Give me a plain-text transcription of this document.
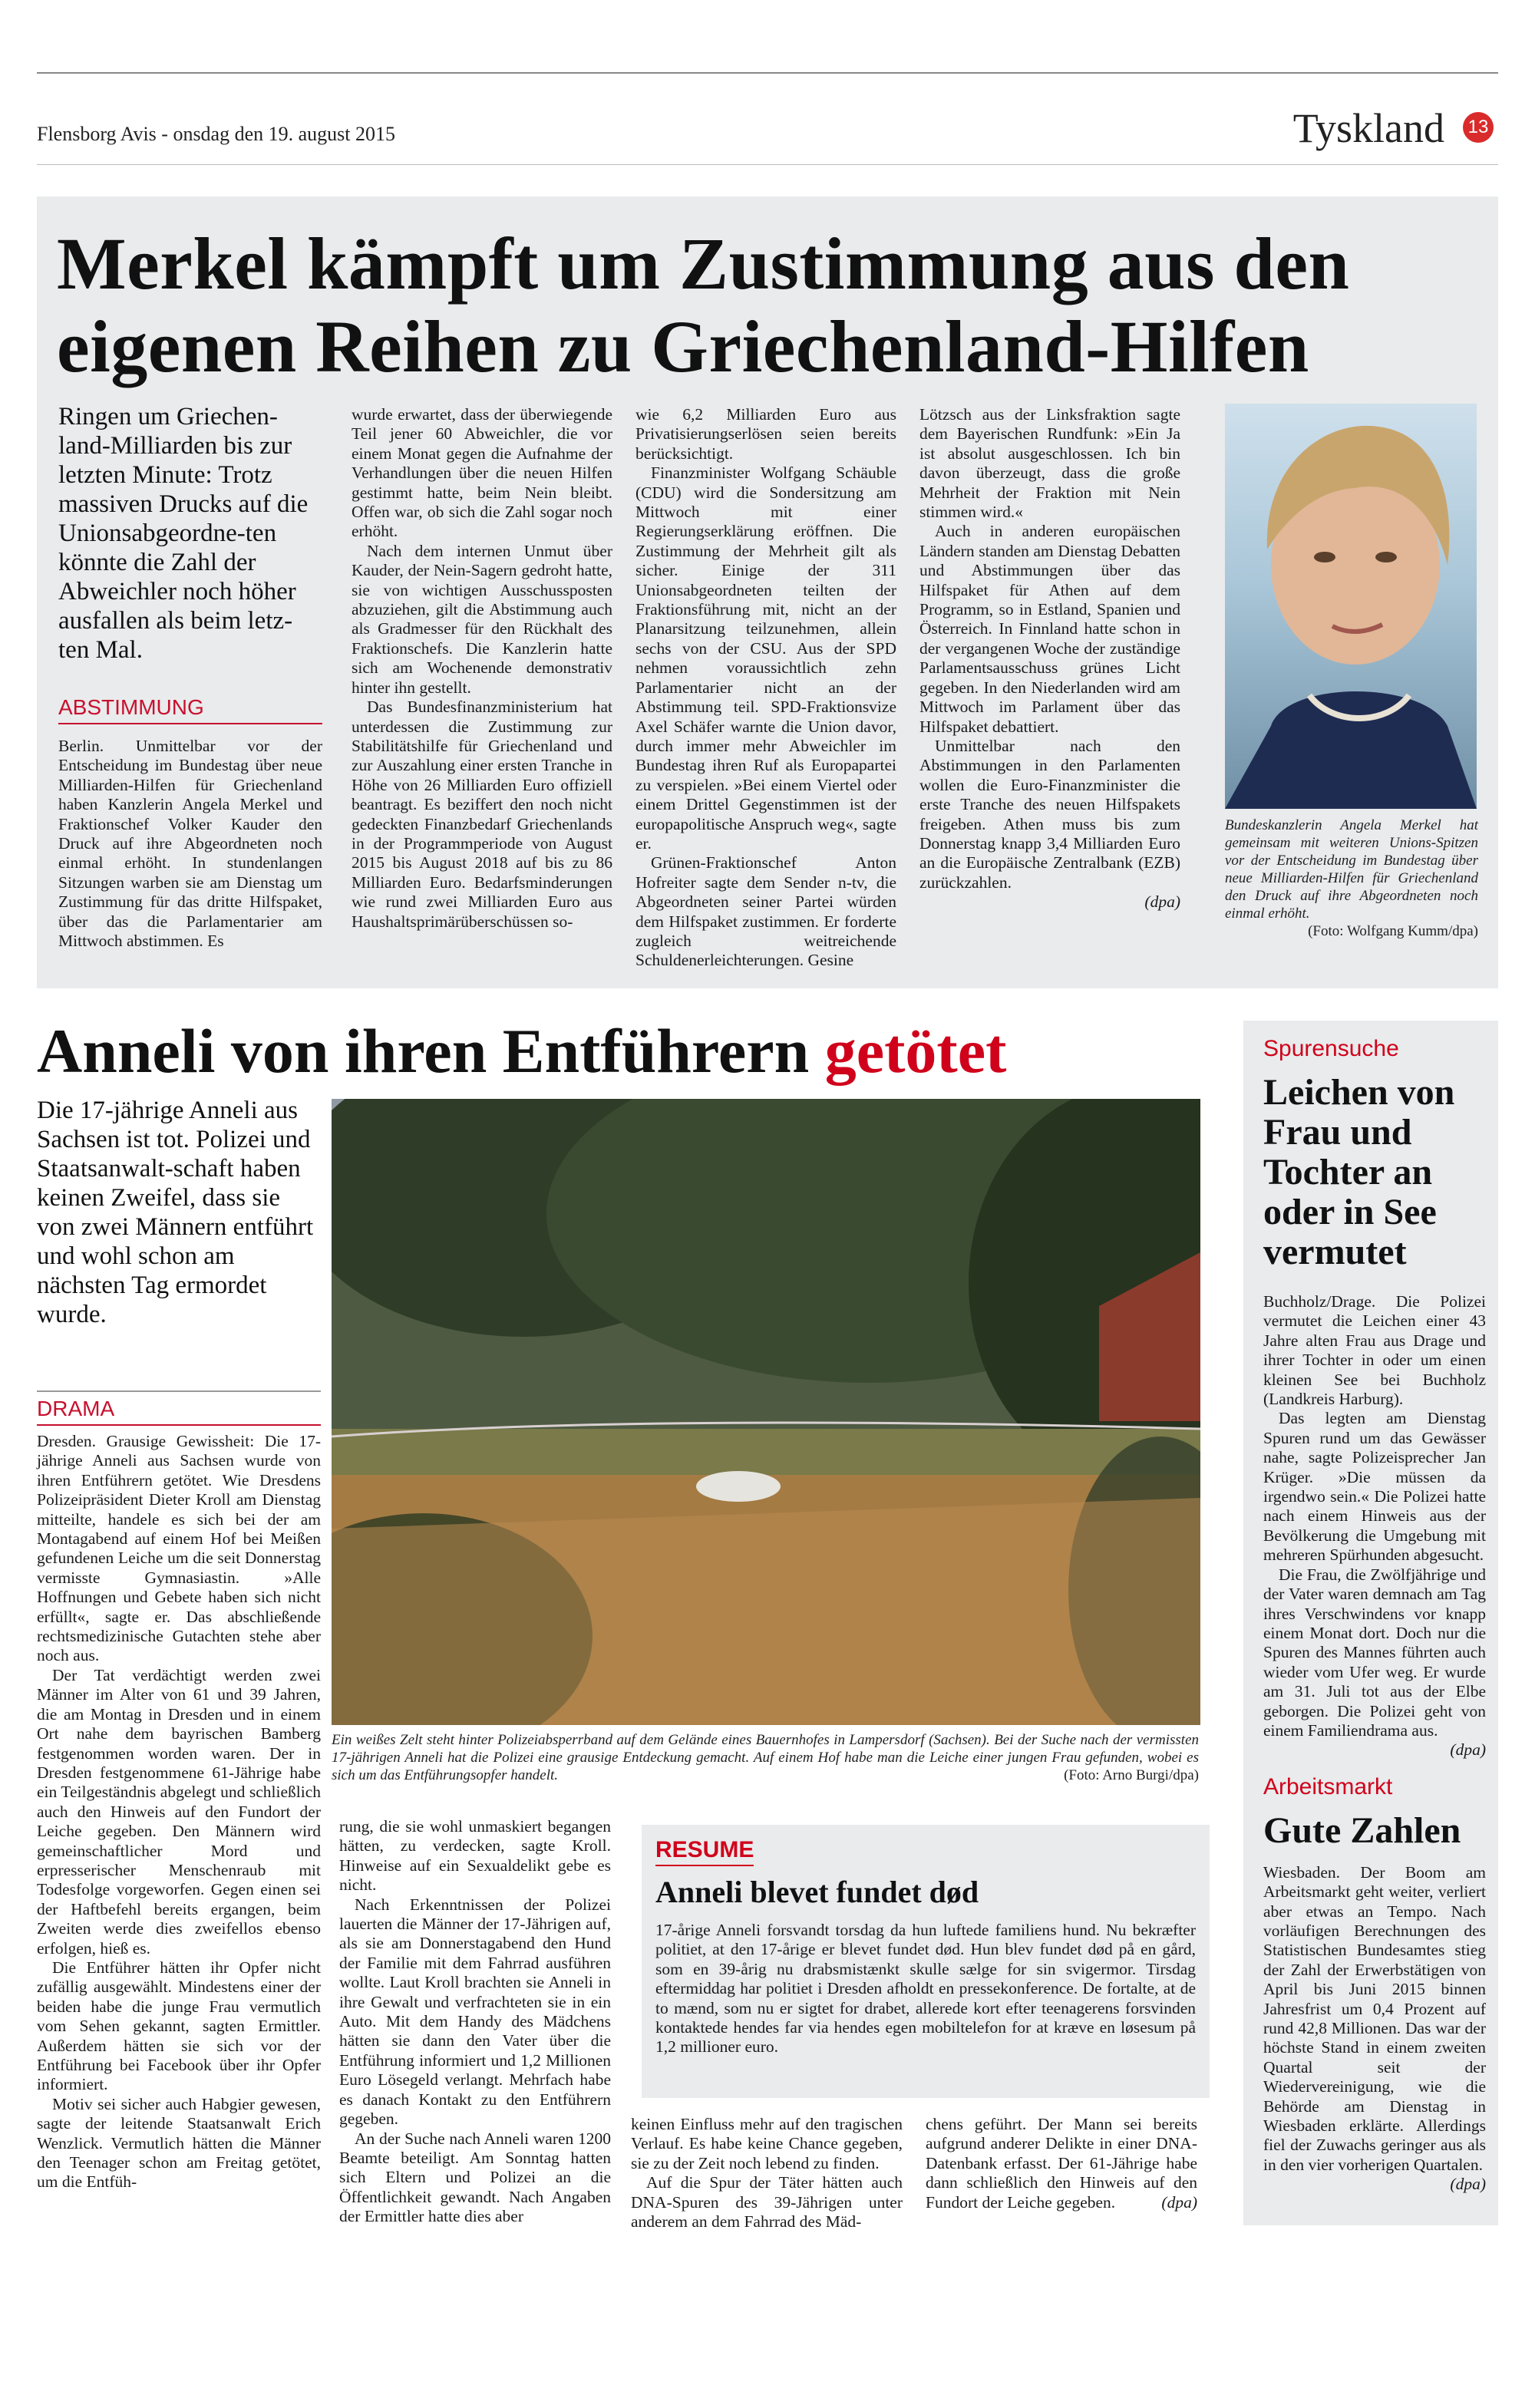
Flensborg Avis - onsdag den 19. august 2015	Tyskland 13
Merkel kämpft um Zustimmung aus den
eigenen Reihen zu Griechenland-Hilfen
Ringen um Griechen-land-Milliarden bis zur letzten Minute: Trotz massiven Drucks auf die Unionsabgeordne-ten könnte die Zahl der Abweichler noch höher ausfallen als beim letz-ten Mal.
ABSTIMMUNG

Berlin. Unmittelbar vor der Entscheidung im Bundestag über neue Milliarden-Hilfen für Griechenland haben Kanzlerin Angela Merkel und Fraktionschef Volker Kauder den Druck auf ihre Abgeordneten noch einmal erhöht. In stundenlangen Sitzungen warben sie am Dienstag um Zustimmung für das dritte Hilfspaket, über das die Parlamentarier am Mittwoch abstimmen. Es

wurde erwartet, dass der überwiegende Teil jener 60 Abweichler, die vor einem Monat gegen die Aufnahme der Verhandlungen über die neuen Hilfen gestimmt hatte, beim Nein bleibt. Offen war, ob sich die Zahl sogar noch erhöht.

Nach dem internen Unmut über Kauder, der Nein-Sagern gedroht hatte, sie von wichtigen Ausschussposten abzuziehen, gilt die Abstimmung auch als Gradmesser für den Rückhalt des Fraktionschefs. Die Kanzlerin hatte sich am Wochenende demonstrativ hinter ihn gestellt.

Das Bundesfinanzministerium hat unterdessen die Zustimmung zur Stabilitätshilfe für Griechenland und zur Auszahlung einer ersten Tranche in Höhe von 26 Milliarden Euro offiziell beantragt. Es beziffert den noch nicht gedeckten Finanzbedarf Griechenlands in der Programmperiode von August 2015 bis August 2018 auf bis zu 86 Milliarden Euro. Bedarfsminderungen wie rund zwei Milliarden Euro aus Haushaltsprimärüberschüssen so-

wie 6,2 Milliarden Euro aus Privatisierungserlösen seien bereits berücksichtigt.

Finanzminister Wolfgang Schäuble (CDU) wird die Sondersitzung am Mittwoch mit einer Regierungserklärung eröffnen. Die Zustimmung der Mehrheit gilt als sicher. Einige der 311 Unionsabgeordneten teilten der Fraktionsführung mit, nicht an der Planarsitzung teilzunehmen, allein sechs von der CSU. Aus der SPD nehmen voraussichtlich zehn Parlamentarier nicht an der Abstimmung teil. SPD-Fraktionsvize Axel Schäfer warnte die Union davor, durch immer mehr Abweichler im Bundestag ihren Ruf als Europapartei zu verspielen. »Bei einem Viertel oder einem Drittel Gegenstimmen ist der europapolitische Anspruch weg«, sagte er.

Grünen-Fraktionschef Anton Hofreiter sagte dem Sender n-tv, die Abgeordneten seiner Partei würden dem Hilfspaket zustimmen. Er forderte zugleich weitreichende Schuldenerleichterungen. Gesine

Lötzsch aus der Linksfraktion sagte dem Bayerischen Rundfunk: »Ein Ja ist absolut ausgeschlossen. Ich bin davon überzeugt, dass die große Mehrheit der Fraktion mit Nein stimmen wird.«

Auch in anderen europäischen Ländern standen am Dienstag Debatten und Abstimmungen über das Hilfspaket für Athen auf dem Programm, so in Estland, Spanien und Österreich. In Finnland hatte schon in der vergangenen Woche der zuständige Parlamentsausschuss grünes Licht gegeben. In den Niederlanden wird am Mittwoch im Parlament über das Hilfspaket debattiert.

Unmittelbar nach den Abstimmungen in den Parlamenten wollen die Euro-Finanzminister die erste Tranche des neuen Hilfspakets freigeben. Athen muss bis zum Donnerstag knapp 3,4 Milliarden Euro an die Europäische Zentralbank (EZB) zurückzahlen.

(dpa)
Bundeskanzlerin Angela Merkel hat gemeinsam mit weiteren Unions-Spitzen vor der Entscheidung im Bundestag über neue Milliarden-Hilfen für Griechenland den Druck auf ihre Abgeordneten noch einmal erhöht.
(Foto: Wolfgang Kumm/dpa)
Anneli von ihren Entführern getötet
Die 17-jährige Anneli aus Sachsen ist tot. Polizei und Staatsanwalt-schaft haben keinen Zweifel, dass sie von zwei Männern entführt und wohl schon am nächsten Tag ermordet wurde.
DRAMA

Dresden. Grausige Gewissheit: Die 17-jährige Anneli aus Sachsen wurde von ihren Entführern getötet. Wie Dresdens Polizeipräsident Dieter Kroll am Dienstag mitteilte, handele es sich bei der am Montagabend auf einem Hof bei Meißen gefundenen Leiche um die seit Donnerstag vermisste Gymnasiastin. »Alle Hoffnungen und Gebete haben sich nicht erfüllt«, sagte er. Das abschließende rechtsmedizinische Gutachten stehe aber noch aus.

Der Tat verdächtigt werden zwei Männer im Alter von 61 und 39 Jahren, die am Montag in Dresden und in einem Ort nahe dem bayrischen Bamberg festgenommen worden waren. Der in Dresden festgenommene 61-Jährige habe ein Teilgeständnis abgelegt und schließlich auch den Hinweis auf den Fundort der Leiche gegeben. Den Männern wird gemeinschaftlicher Mord und erpresserischer Menschenraub mit Todesfolge vorgeworfen. Gegen einen sei der Haftbefehl bereits ergangen, beim Zweiten werde dies zweifellos ebenso erfolgen, hieß es.

Die Entführer hätten ihr Opfer nicht zufällig ausgewählt. Mindestens einer der beiden habe die junge Frau vermutlich vom Sehen gekannt, sagten Ermittler. Außerdem hätten sie sich vor der Entführung bei Facebook über ihr Opfer informiert.

Motiv sei sicher auch Habgier gewesen, sagte der leitende Staatsanwalt Erich Wenzlick. Vermutlich hätten die Männer den Teenager schon am Freitag getötet, um die Entfüh-

Ein weißes Zelt steht hinter Polizeiabsperrband auf dem Gelände eines Bauernhofes in Lampersdorf (Sachsen). Bei der Suche nach der vermissten 17-jährigen Anneli hat die Polizei eine grausige Entdeckung gemacht. Auf einem Hof habe man die Leiche einer jungen Frau gefunden, wobei es sich um das Entführungsopfer handelt.	(Foto: Arno Burgi/dpa)

rung, die sie wohl unmaskiert begangen hätten, zu verdecken, sagte Kroll. Hinweise auf ein Sexualdelikt gebe es nicht.

Nach Erkenntnissen der Polizei lauerten die Männer der 17-Jährigen auf, als sie am Donnerstagabend den Hund der Familie mit dem Fahrrad ausführen wollte. Laut Kroll brachten sie Anneli in ihre Gewalt und verfrachteten sie in ein Auto. Mit dem Handy des Mädchens hätten sie dann den Vater über die Entführung informiert und 1,2 Millionen Euro Lösegeld verlangt. Mehrfach habe es danach Kontakt zu den Entführern gegeben.

An der Suche nach Anneli waren 1200 Beamte beteiligt. Am Sonntag hatten sich Eltern und Polizei an die Öffentlichkeit gewandt. Nach Angaben der Ermittler hatte dies aber

RESUME
Anneli blevet fundet død
17-årige Anneli forsvandt torsdag da hun luftede familiens hund. Nu bekræfter politiet, at den 17-årige er blevet fundet død. Hun blev fundet død på en gård, som en 39-årig nu drabsmistænkt skulle sælge for sin svigermor. Tirsdag eftermiddag har politiet i Dresden afholdt en pressekonference. De fortalte, at de to mænd, som nu er sigtet for drabet, allerede kort efter teenagerens forsvinden kontaktede hendes far via hendes egen mobiltelefon for at kræve en løsesum på 1,2 millioner euro.

keinen Einfluss mehr auf den tragischen Verlauf. Es habe keine Chance gegeben, sie zu der Zeit noch lebend zu finden.

Auf die Spur der Täter hätten auch DNA-Spuren des 39-Jährigen unter anderem an dem Fahrrad des Mäd-

chens geführt. Der Mann sei bereits aufgrund anderer Delikte in einer DNA-Datenbank erfasst. Der 61-Jährige habe dann schließlich den Hinweis auf den Fundort der Leiche gegeben.	(dpa)
Spurensuche
Leichen von Frau und Tochter an oder in See vermutet

Buchholz/Drage. Die Polizei vermutet die Leichen einer 43 Jahre alten Frau aus Drage und ihrer Tochter in oder um einen kleinen See bei Buchholz (Landkreis Harburg).

Das legten am Dienstag Spuren rund um das Gewässer nahe, sagte Polizeisprecher Jan Krüger. »Die müssen da irgendwo sein.« Die Polizei hatte nach einem Hinweis aus der Bevölkerung die Umgebung mit mehreren Spürhunden abgesucht.

Die Frau, die Zwölfjährige und der Vater waren demnach am Tag ihres Verschwindens vor knapp einem Monat dort. Doch nur die Spuren des Mannes führten auch wieder vom Ufer weg. Er wurde am 31. Juli tot aus der Elbe geborgen. Die Polizei geht von einem Familiendrama aus.

(dpa)
Arbeitsmarkt
Gute Zahlen

Wiesbaden. Der Boom am Arbeitsmarkt geht weiter, verliert aber etwas an Tempo. Nach vorläufigen Berechnungen des Statistischen Bundesamtes stieg der Zahl der Erwerbstätigen von April bis Juni 2015 binnen Jahresfrist um 0,4 Prozent auf rund 42,8 Millionen. Das war der höchste Stand in einem zweiten Quartal seit der Wiedervereinigung, wie die Behörde am Dienstag in Wiesbaden erklärte. Allerdings fiel der Zuwachs geringer aus als in den vier vorherigen Quartalen.

(dpa)
